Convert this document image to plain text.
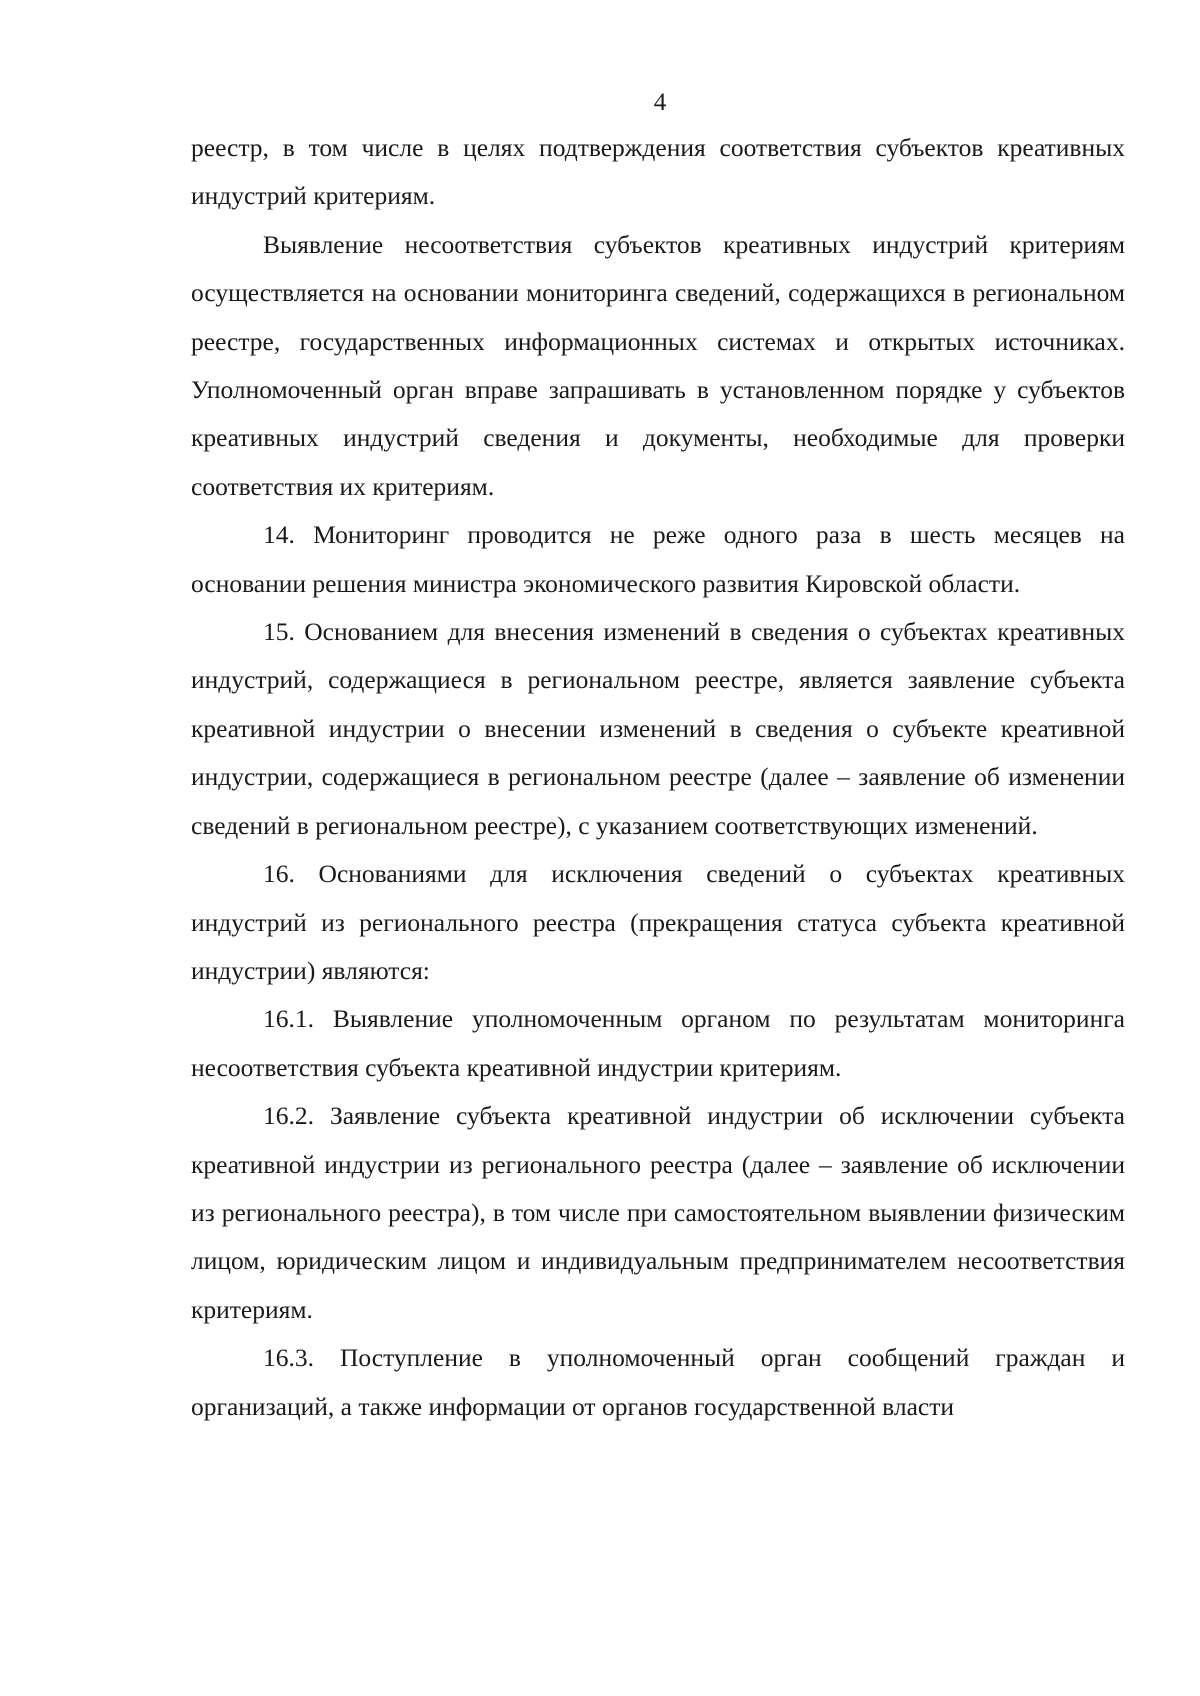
4

реестр, в том числе в целях подтверждения соответствия субъектов креативных индустрий критериям.

Выявление несоответствия субъектов креативных индустрий критериям осуществляется на основании мониторинга сведений, содержащихся в региональном реестре, государственных информационных системах и открытых источниках. Уполномоченный орган вправе запрашивать в установленном порядке у субъектов креативных индустрий сведения и документы, необходимые для проверки соответствия их критериям.

14. Мониторинг проводится не реже одного раза в шесть месяцев на основании решения министра экономического развития Кировской области.

15. Основанием для внесения изменений в сведения о субъектах креативных индустрий, содержащиеся в региональном реестре, является заявление субъекта креативной индустрии о внесении изменений в сведения о субъекте креативной индустрии, содержащиеся в региональном реестре (далее – заявление об изменении сведений в региональном реестре), с указанием соответствующих изменений.

16. Основаниями для исключения сведений о субъектах креативных индустрий из регионального реестра (прекращения статуса субъекта креативной индустрии) являются:

16.1. Выявление уполномоченным органом по результатам мониторинга несоответствия субъекта креативной индустрии критериям.

16.2. Заявление субъекта креативной индустрии об исключении субъекта креативной индустрии из регионального реестра (далее – заявление об исключении из регионального реестра), в том числе при самостоятельном выявлении физическим лицом, юридическим лицом и индивидуальным предпринимателем несоответствия критериям.

16.3. Поступление в уполномоченный орган сообщений граждан и организаций, а также информации от органов государственной власти
